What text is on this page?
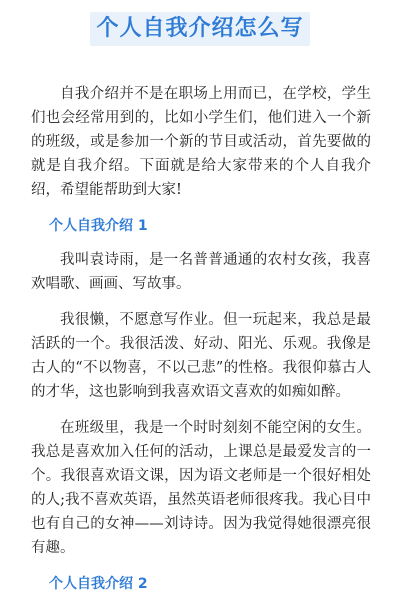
个人自我介绍怎么写

自我介绍并不是在职场上用而已，在学校，学生们也会经常用到的，比如小学生们，他们进入一个新的班级，或是参加一个新的节目或活动，首先要做的就是自我介绍。下面就是给大家带来的个人自我介绍，希望能帮助到大家!

个人自我介绍 1

我叫袁诗雨，是一名普普通通的农村女孩，我喜欢唱歌、画画、写故事。

我很懒，不愿意写作业。但一玩起来，我总是最活跃的一个。我很活泼、好动、阳光、乐观。我像是古人的“不以物喜，不以己悲”的性格。我很仰慕古人的才华，这也影响到我喜欢语文喜欢的如痴如醉。

在班级里，我是一个时时刻刻不能空闲的女生。我总是喜欢加入任何的活动，上课总是最爱发言的一个。我很喜欢语文课，因为语文老师是一个很好相处的人;我不喜欢英语，虽然英语老师很疼我。我心目中也有自己的女神——刘诗诗。因为我觉得她很漂亮很有趣。

个人自我介绍 2
